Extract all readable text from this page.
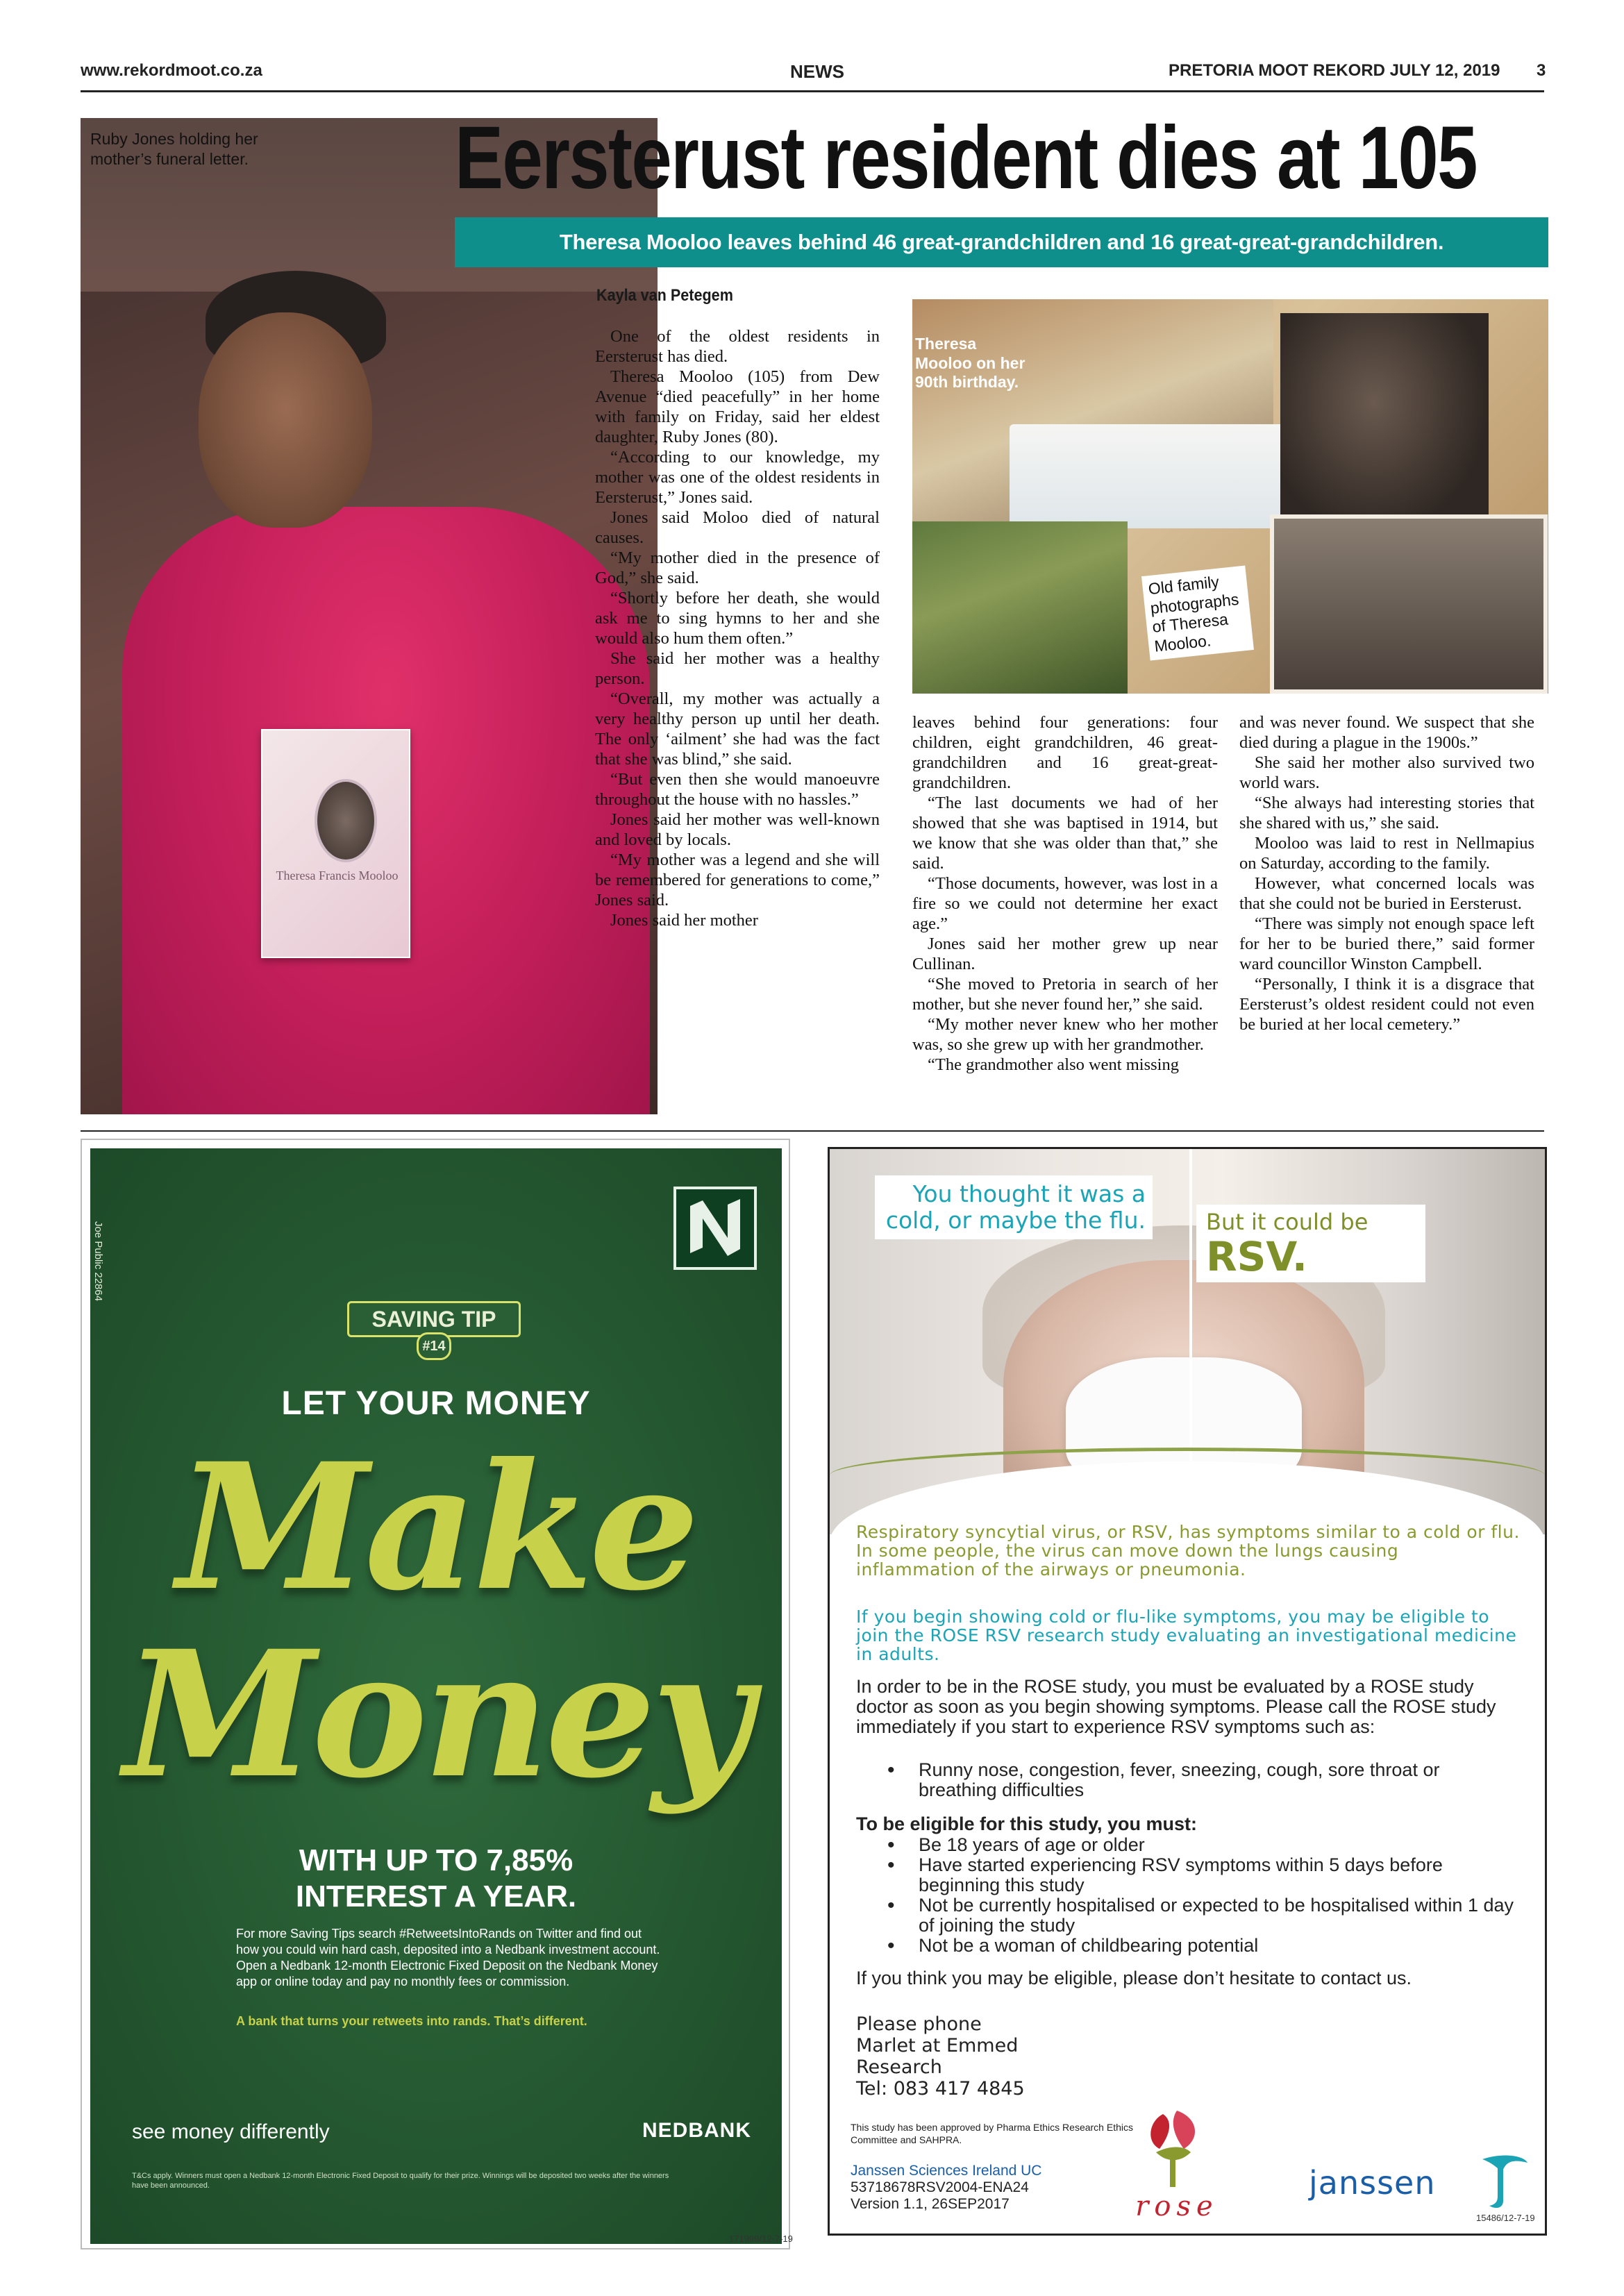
www.rekordmoot.co.za	NEWS	PRETORIA MOOT REKORD JULY 12, 2019 3
Theresa Francis Mooloo
Ruby Jones holding her mother’s funeral letter.	Eersterust resident dies at 105
Theresa Mooloo leaves behind 46 great-grandchildren and 16 great-great-grandchildren.
Kayla van Petegem

One of the oldest residents in Eersterust has died.

Theresa Mooloo (105) from Dew Avenue “died peacefully” in her home with family on Friday, said her eldest daughter, Ruby Jones (80).

“According to our knowledge, my mother was one of the oldest residents in Eersterust,” Jones said.

Jones said Moloo died of natural causes.

“My mother died in the presence of God,” she said.

“Shortly before her death, she would ask me to sing hymns to her and she would also hum them often.”

She said her mother was a healthy person.

“Overall, my mother was actually a very healthy person up until her death. The only ‘ailment’ she had was the fact that she was blind,” she said.

“But even then she would manoeuvre throughout the house with no hassles.”

Jones said her mother was well-known and loved by locals.

“My mother was a legend and she will be remembered for generations to come,” Jones said.

Jones said her mother

Theresa Mooloo on her 90th birthday.
Old family photographs of Theresa Mooloo.

leaves behind four generations: four children, eight grandchildren, 46 great-grandchildren and 16 great-great-grandchildren.

“The last documents we had of her showed that she was baptised in 1914, but we know that she was older than that,” she said.

“Those documents, however, was lost in a fire so we could not determine her exact age.”

Jones said her mother grew up near Cullinan.

“She moved to Pretoria in search of her mother, but she never found her,” she said.

“My mother never knew who her mother was, so she grew up with her grandmother.

“The grandmother also went missing

and was never found. We suspect that she died during a plague in the 1900s.”

She said her mother also survived two world wars.

“She always had interesting stories that she shared with us,” she said.

Mooloo was laid to rest in Nellmapius on Saturday, according to the family.

However, what concerned locals was that she could not be buried in Eersterust.

“There was simply not enough space left for her to be buried there,” said former ward councillor Winston Campbell.

“Personally, I think it is a disgrace that Eersterust’s oldest resident could not even be buried at her local cemetery.”

Joe Public 22864
SAVING TIP
#14
LET YOUR MONEY
Make
Money
WITH UP TO 7,85%
INTEREST A YEAR.
For more Saving Tips search #RetweetsIntoRands on Twitter and find out how you could win hard cash, deposited into a Nedbank investment account. Open a Nedbank 12-month Electronic Fixed Deposit on the Nedbank Money app or online today and pay no monthly fees or commission.
A bank that turns your retweets into rands. That’s different.
see money differently	NEDBANK
T&Cs apply. Winners must open a Nedbank 12-month Electronic Fixed Deposit to qualify for their prize. Winnings will be deposited two weeks after the winners have been announced.
171999/12-7-19
You thought it was a cold, or maybe the flu.	But it could be
RSV.
Respiratory syncytial virus, or RSV, has symptoms similar to a cold or flu. In some people, the virus can move down the lungs causing inflammation of the airways or pneumonia.
If you begin showing cold or flu-like symptoms, you may be eligible to join the ROSE RSV research study evaluating an investigational medicine in adults.
In order to be in the ROSE study, you must be evaluated by a ROSE study doctor as soon as you begin showing symptoms. Please call the ROSE study immediately if you start to experience RSV symptoms such as:
• Runny nose, congestion, fever, sneezing, cough, sore throat or breathing difficulties
To be eligible for this study, you must:
• Be 18 years of age or older
• Have started experiencing RSV symptoms within 5 days before beginning this study
• Not be currently hospitalised or expected to be hospitalised within 1 day of joining the study
• Not be a woman of childbearing potential
If you think you may be eligible, please don’t hesitate to contact us.
Please phone
Marlet at Emmed
Research
Tel: 083 417 4845
This study has been approved by Pharma Ethics Research Ethics Committee and SAHPRA.
Janssen Sciences Ireland UC
53718678RSV2004-ENA24
Version 1.1, 26SEP2017	rose
janssen
15486/12-7-19
